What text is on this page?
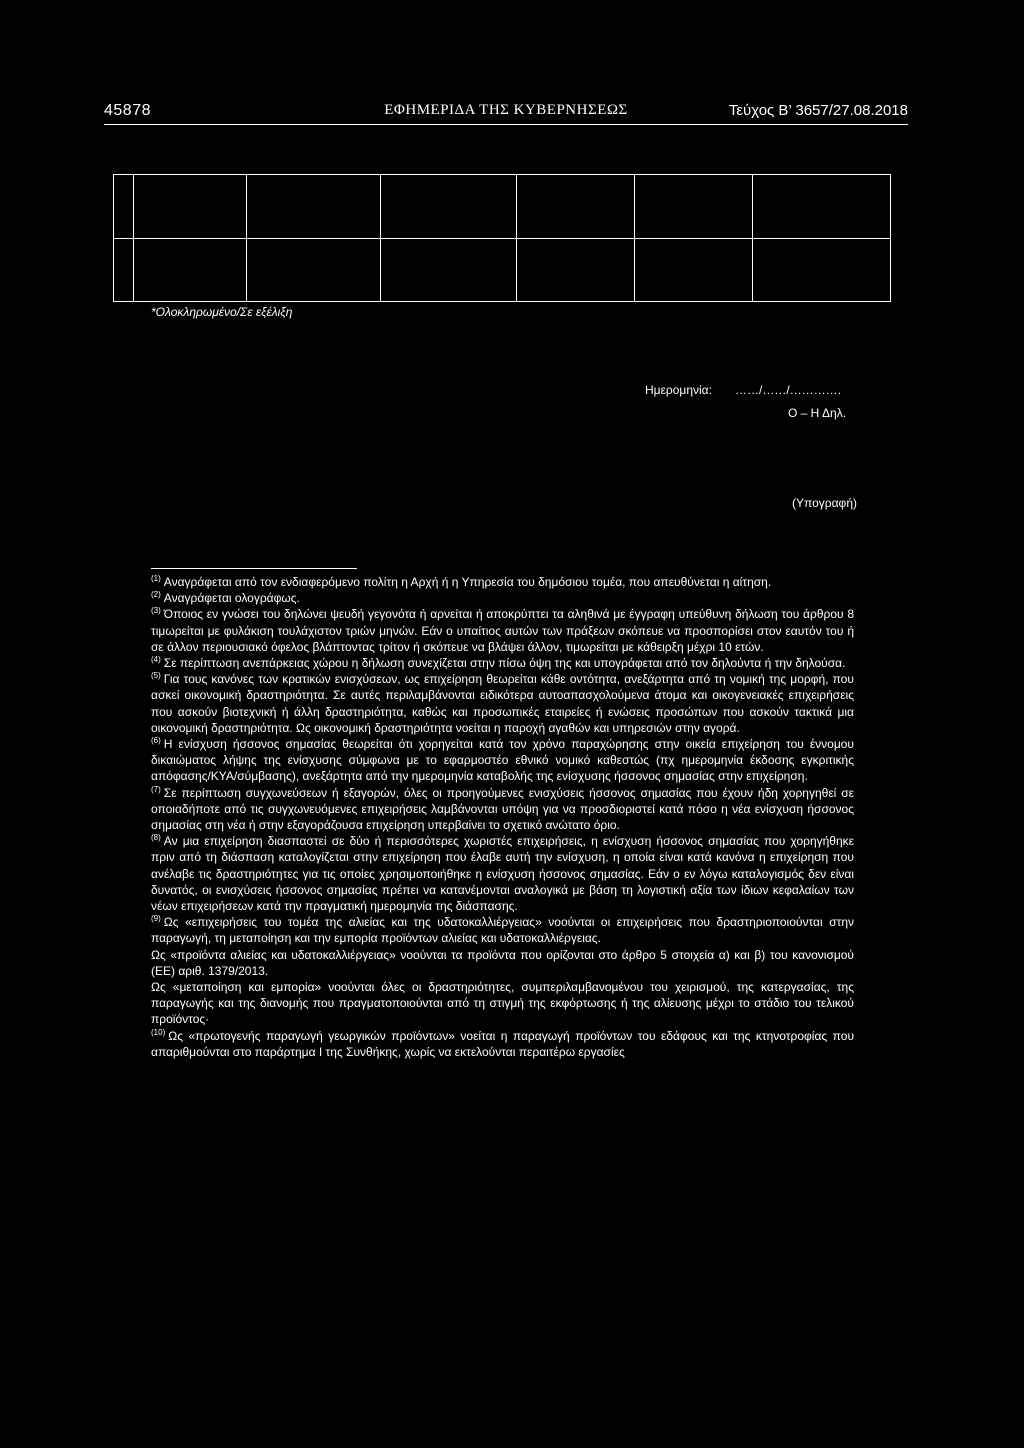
45878	ΕΦΗΜΕΡΙΔΑ ΤΗΣ ΚΥΒΕΡΝΗΣΕΩΣ	Τεύχος Β’ 3657/27.08.2018

*Ολοκληρωμένο/Σε εξέλιξη
Ημερομηνία: ……/……/………….
Ο – Η Δηλ.
(Υπογραφή)

$^{(1)}$ Αναγράφεται από τον ενδιαφερόμενο πολίτη η Αρχή ή η Υπηρεσία του δημόσιου τομέα, που απευθύνεται η αίτηση.

$^{(2)}$ Αναγράφεται ολογράφως.

$^{(3)}$ Όποιος εν γνώσει του δηλώνει ψευδή γεγονότα ή αρνείται ή αποκρύπτει τα αληθινά με έγγραφη υπεύθυνη δήλωση του άρθρου 8 τιμωρείται με φυλάκιση τουλάχιστον τριών μηνών. Εάν ο υπαίτιος αυτών των πράξεων σκόπευε να προσπορίσει στον εαυτόν του ή σε άλλον περιουσιακό όφελος βλάπτοντας τρίτον ή σκόπευε να βλάψει άλλον, τιμωρείται με κάθειρξη μέχρι 10 ετών.

$^{(4)}$ Σε περίπτωση ανεπάρκειας χώρου η δήλωση συνεχίζεται στην πίσω όψη της και υπογράφεται από τον δηλούντα ή την δηλούσα.

$^{(5)}$ Για τους κανόνες των κρατικών ενισχύσεων, ως επιχείρηση θεωρείται κάθε οντότητα, ανεξάρτητα από τη νομική της μορφή, που ασκεί οικονομική δραστηριότητα. Σε αυτές περιλαμβάνονται ειδικότερα αυτοαπασχολούμενα άτομα και οικογενειακές επιχειρήσεις που ασκούν βιοτεχνική ή άλλη δραστηριότητα, καθώς και προσωπικές εταιρείες ή ενώσεις προσώπων που ασκούν τακτικά μια οικονομική δραστηριότητα. Ως οικονομική δραστηριότητα νοείται η παροχή αγαθών και υπηρεσιών στην αγορά.

$^{(6)}$ Η ενίσχυση ήσσονος σημασίας θεωρείται ότι χορηγείται κατά τον χρόνο παραχώρησης στην οικεία επιχείρηση του έννομου δικαιώματος λήψης της ενίσχυσης σύμφωνα με το εφαρμοστέο εθνικό νομικό καθεστώς (πχ ημερομηνία έκδοσης εγκριτικής απόφασης/ΚΥΑ/σύμβασης), ανεξάρτητα από την ημερομηνία καταβολής της ενίσχυσης ήσσονος σημασίας στην επιχείρηση.

$^{(7)}$ Σε περίπτωση συγχωνεύσεων ή εξαγορών, όλες οι προηγούμενες ενισχύσεις ήσσονος σημασίας που έχουν ήδη χορηγηθεί σε οποιαδήποτε από τις συγχωνευόμενες επιχειρήσεις λαμβάνονται υπόψη για να προσδιοριστεί κατά πόσο η νέα ενίσχυση ήσσονος σημασίας στη νέα ή στην εξαγοράζουσα επιχείρηση υπερβαίνει το σχετικό ανώτατο όριο.

$^{(8)}$ Αν μια επιχείρηση διασπαστεί σε δύο ή περισσότερες χωριστές επιχειρήσεις, η ενίσχυση ήσσονος σημασίας που χορηγήθηκε πριν από τη διάσπαση καταλογίζεται στην επιχείρηση που έλαβε αυτή την ενίσχυση, η οποία είναι κατά κανόνα η επιχείρηση που ανέλαβε τις δραστηριότητες για τις οποίες χρησιμοποιήθηκε η ενίσχυση ήσσονος σημασίας. Εάν ο εν λόγω καταλογισμός δεν είναι δυνατός, οι ενισχύσεις ήσσονος σημασίας πρέπει να κατανέμονται αναλογικά με βάση τη λογιστική αξία των ίδιων κεφαλαίων των νέων επιχειρήσεων κατά την πραγματική ημερομηνία της διάσπασης.

$^{(9)}$ Ως «επιχειρήσεις του τομέα της αλιείας και της υδατοκαλλιέργειας» νοούνται οι επιχειρήσεις που δραστηριοποιούνται στην παραγωγή, τη μεταποίηση και την εμπορία προϊόντων αλιείας και υδατοκαλλιέργειας.

Ως «προϊόντα αλιείας και υδατοκαλλιέργειας» νοούνται τα προϊόντα που ορίζονται στο άρθρο 5 στοιχεία α) και β) του κανονισμού (ΕΕ) αριθ. 1379/2013.

Ως «μεταποίηση και εμπορία» νοούνται όλες οι δραστηριότητες, συμπεριλαμβανομένου του χειρισμού, της κατεργασίας, της παραγωγής και της διανομής που πραγματοποιούνται από τη στιγμή της εκφόρτωσης ή της αλίευσης μέχρι το στάδιο του τελικού προϊόντος·

$^{(10)}$ Ως «πρωτογενής παραγωγή γεωργικών προϊόντων» νοείται η παραγωγή προϊόντων του εδάφους και της κτηνοτροφίας που απαριθμούνται στο παράρτημα Ι της Συνθήκης, χωρίς να εκτελούνται περαιτέρω εργασίες
